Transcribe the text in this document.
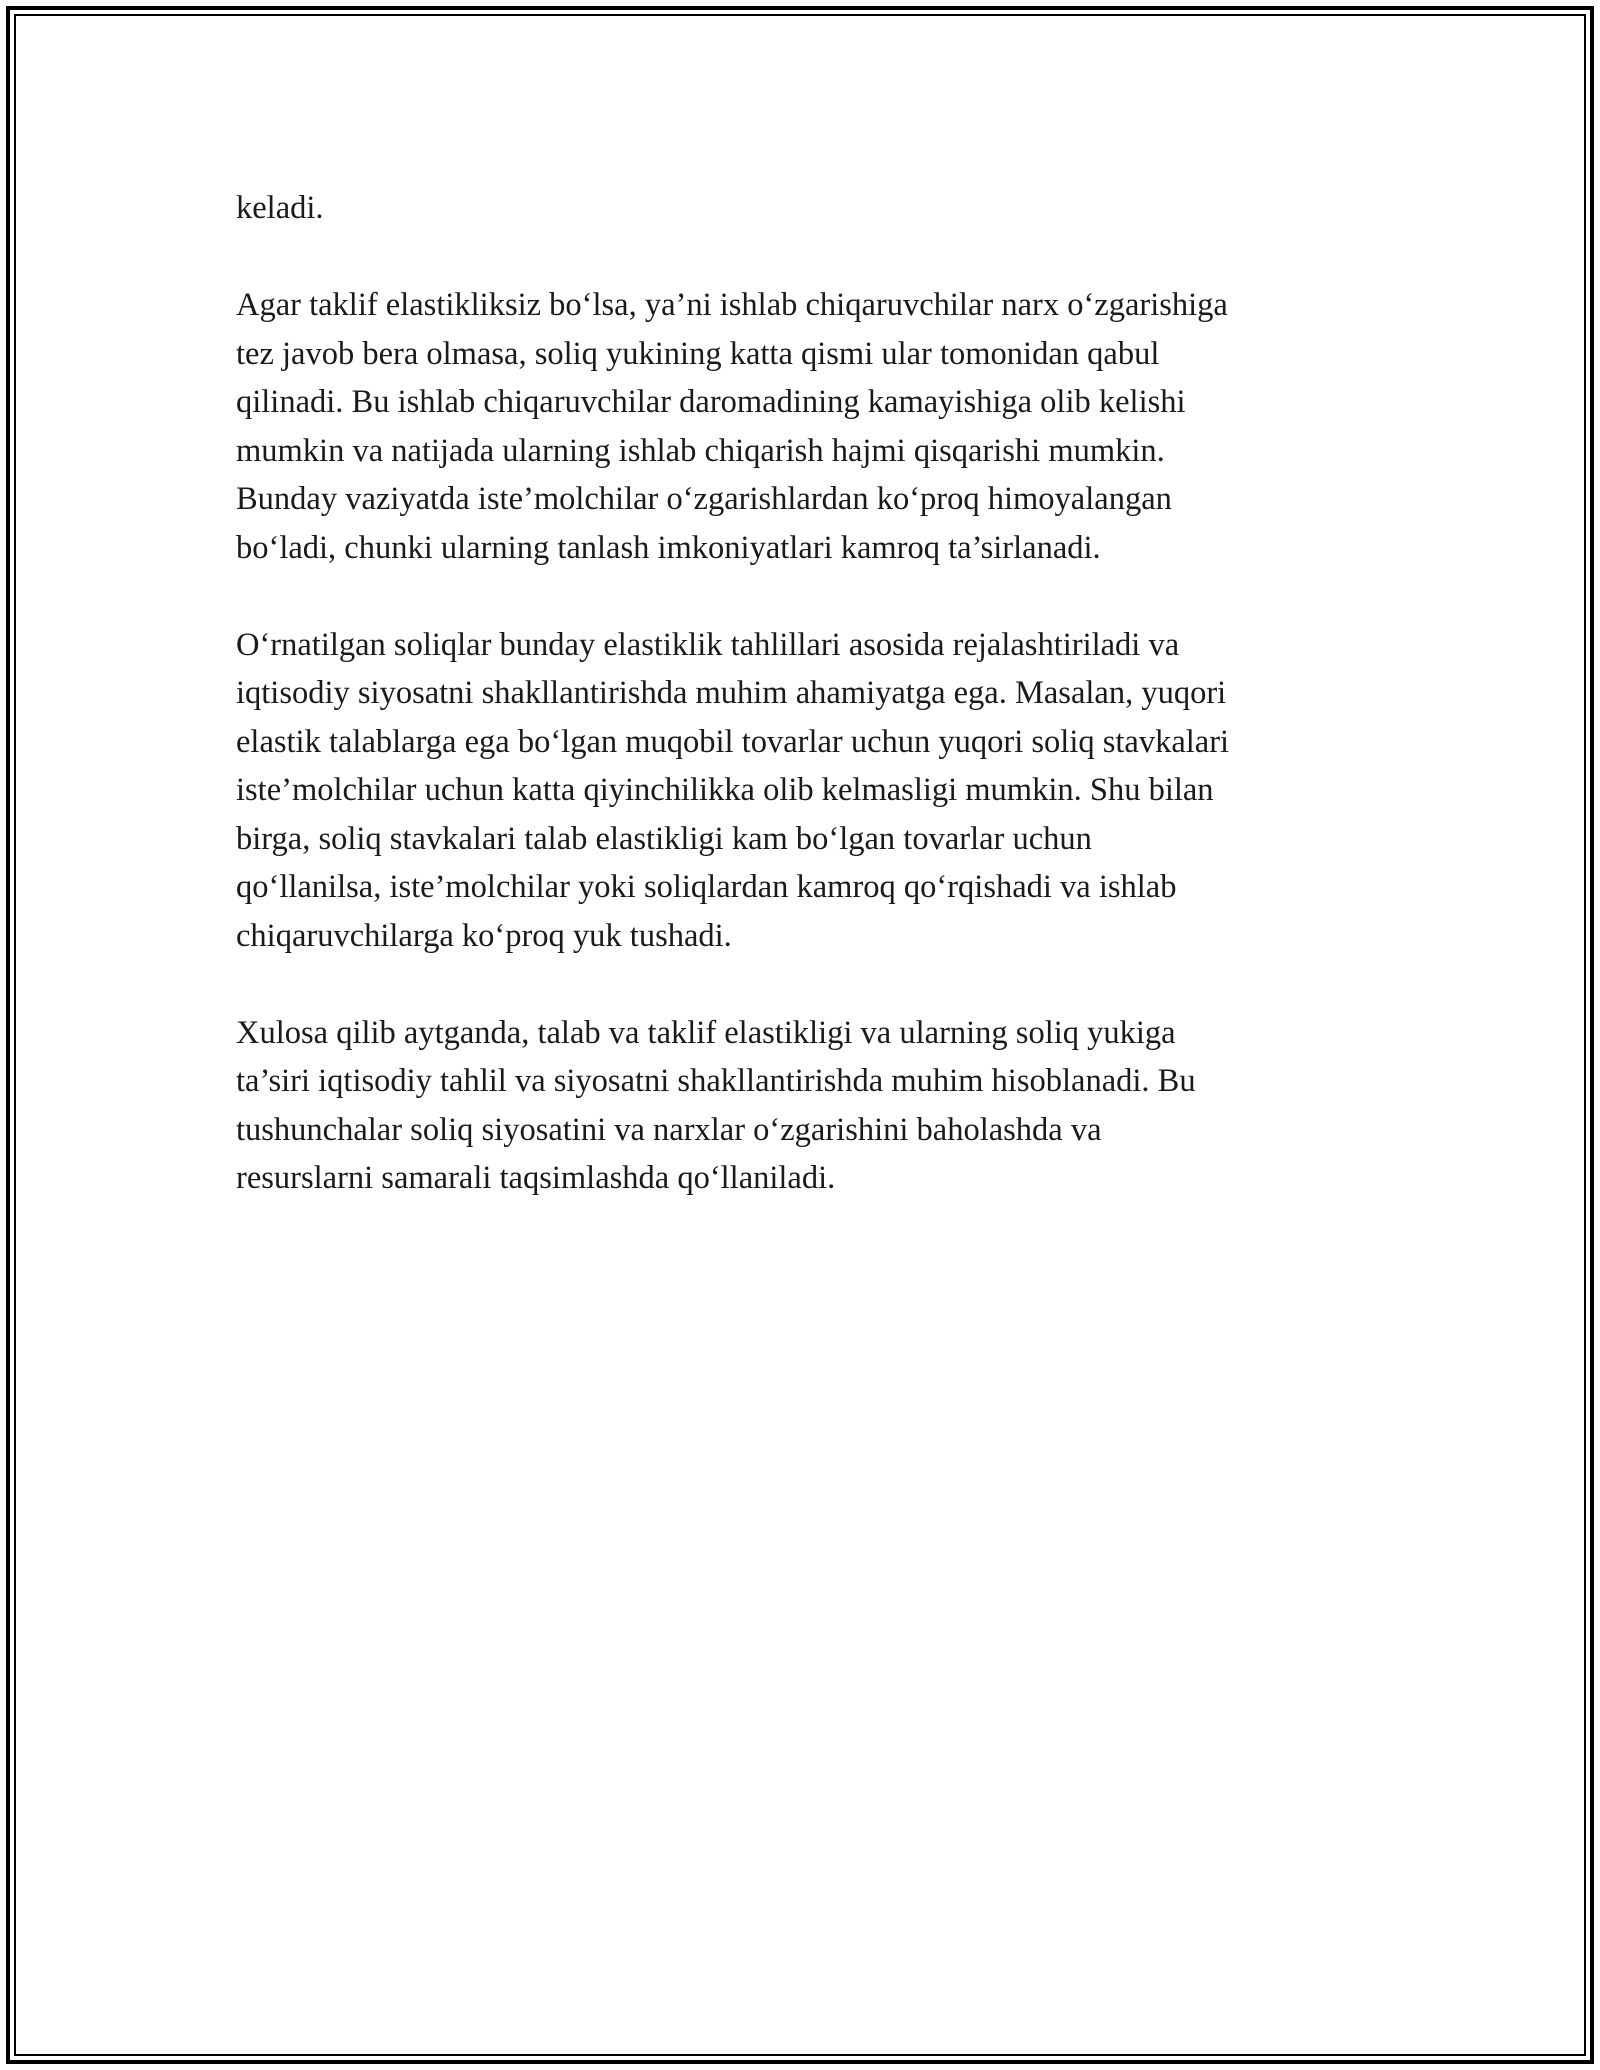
keladi.
Agar taklif elastikliksiz bo‘lsa, ya’ni ishlab chiqaruvchilar narx o‘zgarishiga
tez javob bera olmasa, soliq yukining katta qismi ular tomonidan qabul
qilinadi. Bu ishlab chiqaruvchilar daromadining kamayishiga olib kelishi
mumkin va natijada ularning ishlab chiqarish hajmi qisqarishi mumkin.
Bunday vaziyatda iste’molchilar o‘zgarishlardan ko‘proq himoyalangan
bo‘ladi, chunki ularning tanlash imkoniyatlari kamroq ta’sirlanadi.
O‘rnatilgan soliqlar bunday elastiklik tahlillari asosida rejalashtiriladi va
iqtisodiy siyosatni shakllantirishda muhim ahamiyatga ega. Masalan, yuqori
elastik talablarga ega bo‘lgan muqobil tovarlar uchun yuqori soliq stavkalari
iste’molchilar uchun katta qiyinchilikka olib kelmasligi mumkin. Shu bilan
birga, soliq stavkalari talab elastikligi kam bo‘lgan tovarlar uchun
qo‘llanilsa, iste’molchilar yoki soliqlardan kamroq qo‘rqishadi va ishlab
chiqaruvchilarga ko‘proq yuk tushadi.
Xulosa qilib aytganda, talab va taklif elastikligi va ularning soliq yukiga
ta’siri iqtisodiy tahlil va siyosatni shakllantirishda muhim hisoblanadi. Bu
tushunchalar soliq siyosatini va narxlar o‘zgarishini baholashda va
resurslarni samarali taqsimlashda qo‘llaniladi.
